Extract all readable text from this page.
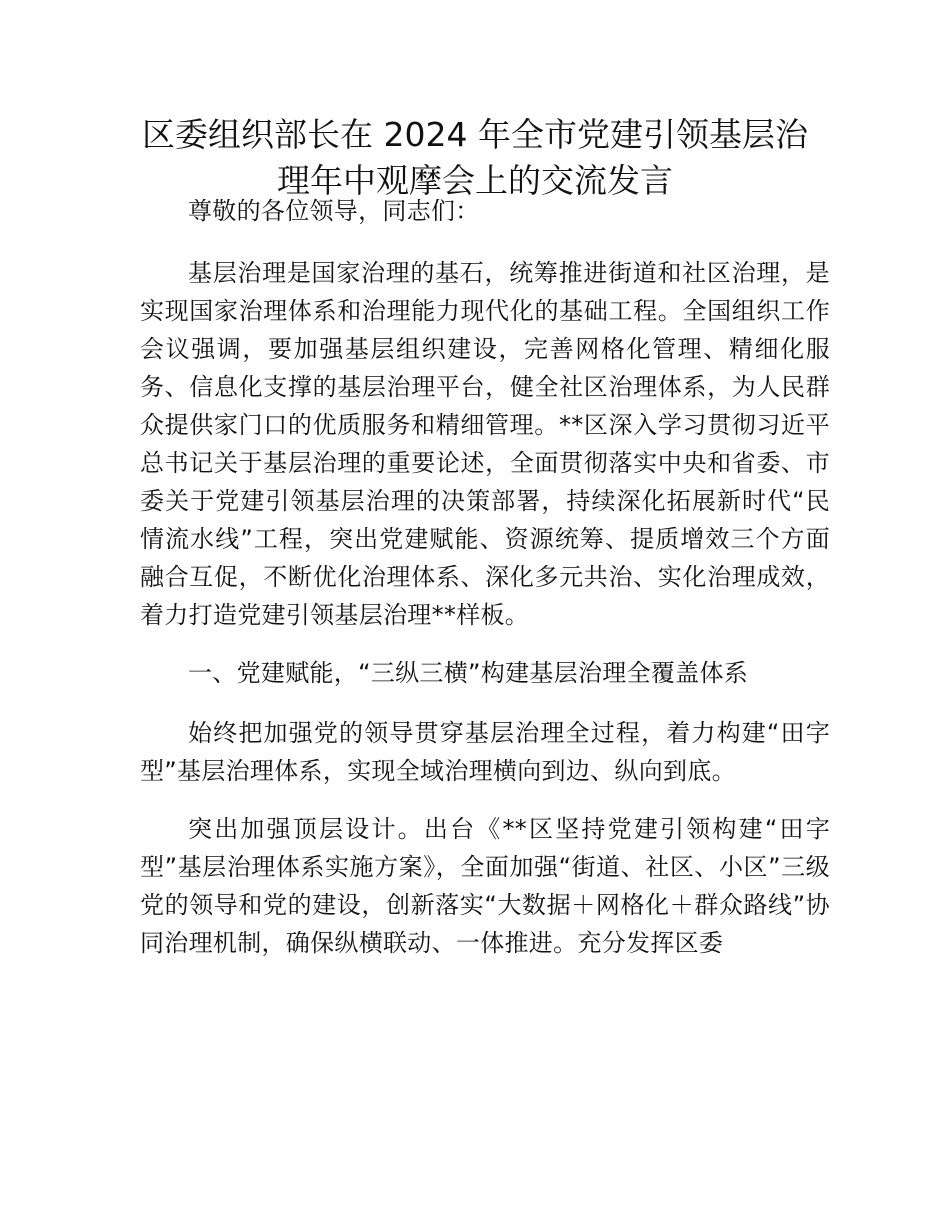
区委组织部长在 2024 年全市党建引领基层治
理年中观摩会上的交流发言

尊敬的各位领导，同志们：

基层治理是国家治理的基石，统筹推进街道和社区治理，是实现国家治理体系和治理能力现代化的基础工程。全国组织工作会议强调，要加强基层组织建设，完善网格化管理、精细化服务、信息化支撑的基层治理平台，健全社区治理体系，为人民群众提供家门口的优质服务和精细管理。**区深入学习贯彻习近平总书记关于基层治理的重要论述，全面贯彻落实中央和省委、市委关于党建引领基层治理的决策部署，持续深化拓展新时代“民情流水线”工程，突出党建赋能、资源统筹、提质增效三个方面融合互促，不断优化治理体系、深化多元共治、实化治理成效，着力打造党建引领基层治理**样板。

一、党建赋能，“三纵三横”构建基层治理全覆盖体系

始终把加强党的领导贯穿基层治理全过程，着力构建“田字型”基层治理体系，实现全域治理横向到边、纵向到底。

突出加强顶层设计。出台《**区坚持党建引领构建“田字型”基层治理体系实施方案》，全面加强“街道、社区、小区”三级党的领导和党的建设，创新落实“大数据＋网格化＋群众路线”协同治理机制，确保纵横联动、一体推进。充分发挥区委
